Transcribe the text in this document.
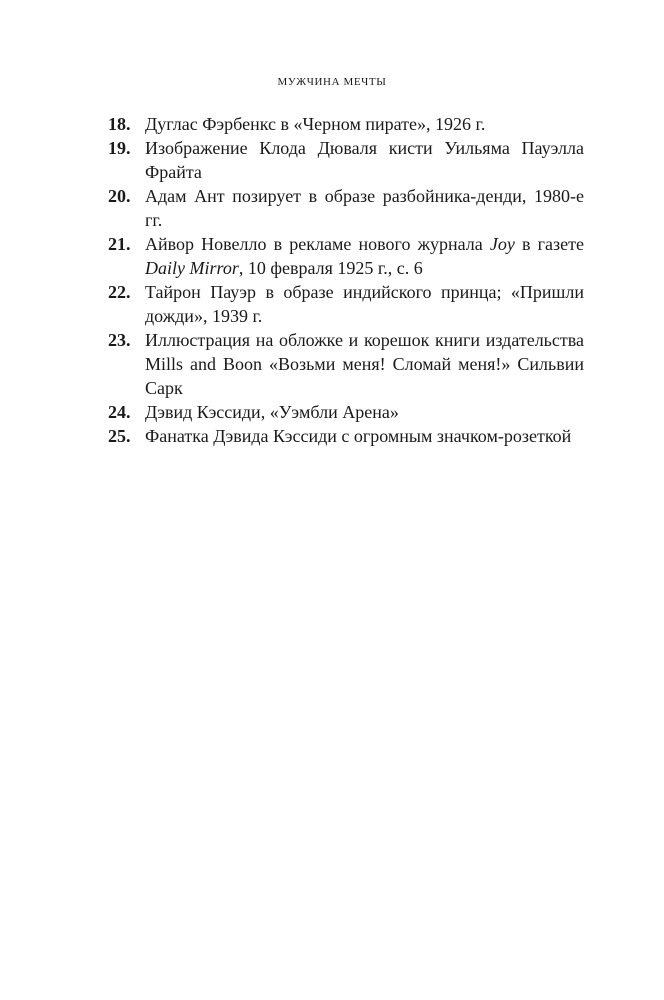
МУЖЧИНА МЕЧТЫ
18. Дуглас Фэрбенкс в «Черном пирате», 1926 г.
19. Изображение Клода Дюваля кисти Уильяма Пауэлла Фрайта
20. Адам Ант позирует в образе разбойника-денди, 1980-е гг.
21. Айвор Новелло в рекламе нового журнала Joy в газете Daily Mirror, 10 февраля 1925 г., с. 6
22. Тайрон Пауэр в образе индийского принца; «Пришли дожди», 1939 г.
23. Иллюстрация на обложке и корешок книги издательства Mills and Boon «Возьми меня! Сломай меня!» Сильвии Сарк
24. Дэвид Кэссиди, «Уэмбли Арена»
25. Фанатка Дэвида Кэссиди с огромным значком-розеткой
